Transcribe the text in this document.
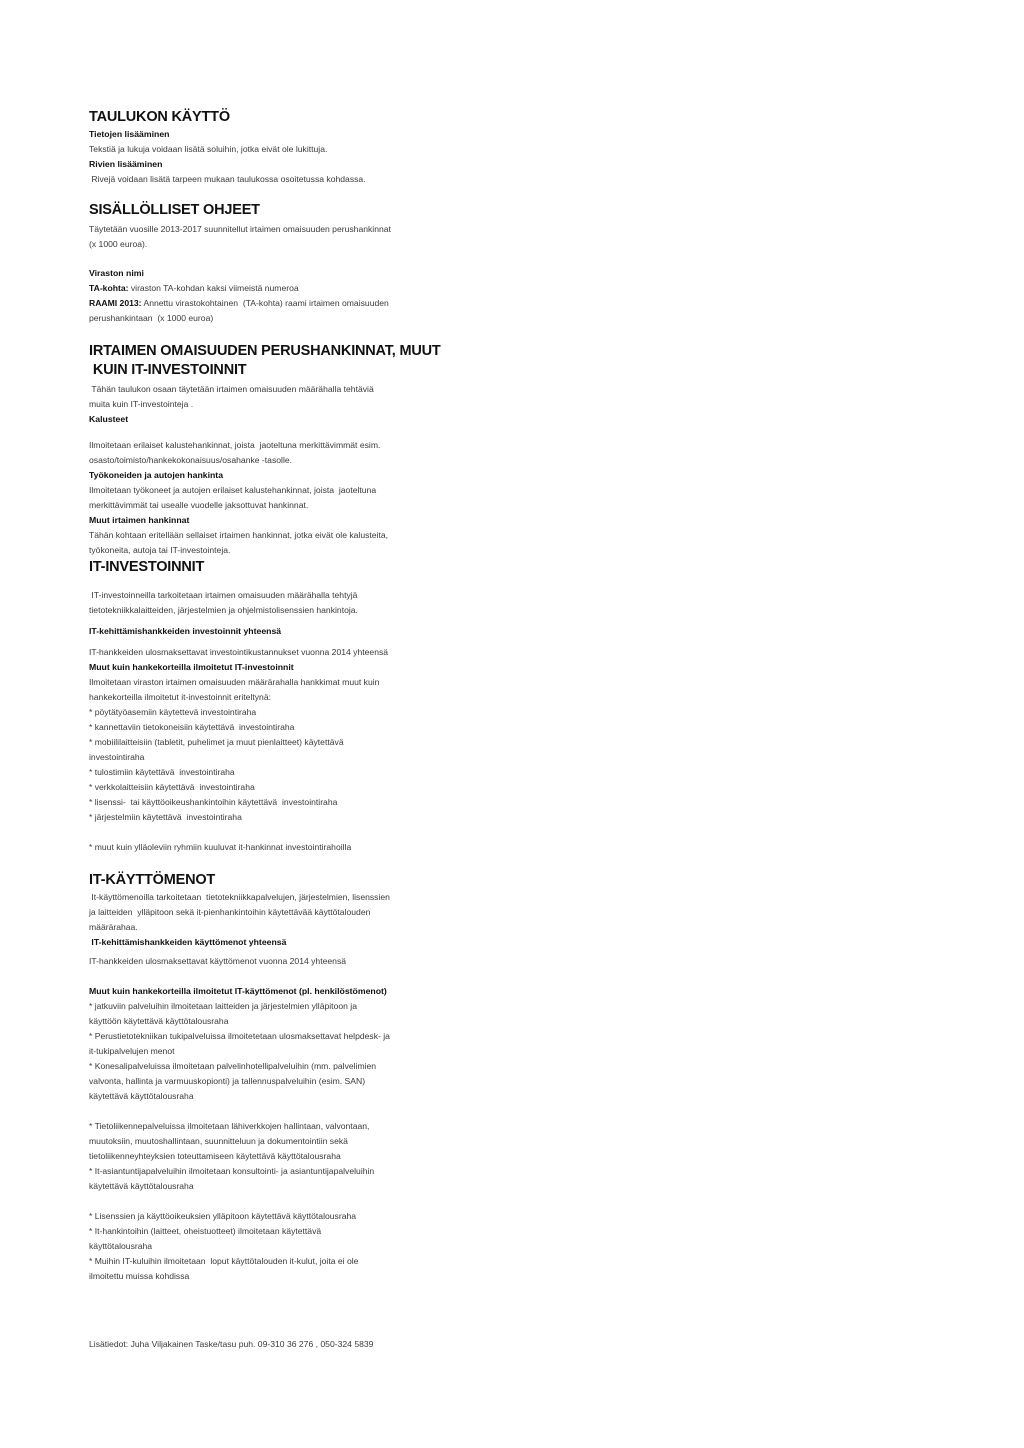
TAULUKON KÄYTTÖ
Tietojen lisääminen
Tekstiä ja lukuja voidaan lisätä soluihin, jotka eivät ole lukittuja.
Rivien lisääminen
Rivejä voidaan lisätä tarpeen mukaan taulukossa osoitetussa kohdassa.
SISÄLLÖLLISET OHJEET
Täytetään vuosille 2013-2017 suunnitellut irtaimen omaisuuden perushankinnat
(x 1000 euroa).
Viraston nimi
TA-kohta: viraston TA-kohdan kaksi viimeistä numeroa
RAAMI 2013: Annettu virastokohtainen  (TA-kohta) raami irtaimen omaisuuden
perushankintaan  (x 1000 euroa)
IRTAIMEN OMAISUUDEN PERUSHANKINNAT, MUUT
KUIN IT-INVESTOINNIT
Tähän taulukon osaan täytetään irtaimen omaisuuden määrähalla tehtäviä
muita kuin IT-investointeja .
Kalusteet
Ilmoitetaan erilaiset kalustehankinnat, joista  jaoteltuna merkittävimmät esim.
osasto/toimisto/hankekokonaisuus/osahanke -tasolle.
Työkoneiden ja autojen hankinta
Ilmoitetaan työkoneet ja autojen erilaiset kalustehankinnat, joista  jaoteltuna
merkittävimmät tai usealle vuodelle jaksottuvat hankinnat.
Muut irtaimen hankinnat
Tähän kohtaan eritellään sellaiset irtaimen hankinnat, jotka eivät ole kalusteita,
työkoneita, autoja tai IT-investointeja.
IT-INVESTOINNIT
IT-investoinneilla tarkoitetaan irtaimen omaisuuden määrähalla tehtyjä
tietotekniikkalaitteiden, järjestelmien ja ohjelmistolisenssien hankintoja.
IT-kehittämishankkeiden investoinnit yhteensä
IT-hankkeiden ulosmaksettavat investointikustannukset vuonna 2014 yhteensä
Muut kuin hankekorteilla ilmoitetut IT-investoinnit
Ilmoitetaan viraston irtaimen omaisuuden määrärahalla hankkimat muut kuin
hankekorteilla ilmoitetut it-investoinnit eriteltynä:
* pöytätyöasemiin käytettevä investointiraha
* kannettaviin tietokoneisiin käytettävä  investointiraha
* mobiililaitteisiin (tabletit, puhelimet ja muut pienlaitteet) käytettävä
investointiraha
* tulostimiin käytettävä  investointiraha
* verkkolaitteisiin käytettävä  investointiraha
* lisenssi-  tai käyttöoikeushankintoihin käytettävä  investointiraha
* järjestelmiin käytettävä  investointiraha
* muut kuin ylläoleviin ryhmiin kuuluvat it-hankinnat investointirahoilla
IT-KÄYTTÖMENOT
It-käyttömenoilla tarkoitetaan  tietotekniikkapalvelujen, järjestelmien, lisenssien
ja laitteiden  ylläpitoon sekä it-pienhankintoihin käytettävää käyttötalouden
määrärahaa.
IT-kehittämishankkeiden käyttömenot yhteensä
IT-hankkeiden ulosmaksettavat käyttömenot vuonna 2014 yhteensä
Muut kuin hankekorteilla ilmoitetut IT-käyttömenot (pl. henkilöstömenot)
* jatkuviin palveluihin ilmoitetaan laitteiden ja järjestelmien ylläpitoon ja
käyttöön käytettävä käyttötalousraha
* Perustietotekniikan tukipalveluissa ilmoitetetaan ulosmaksettavat helpdesk- ja
it-tukipalvelujen menot
* Konesalipalveluissa ilmoitetaan palvelinhotellipalveluihin (mm. palvelimien
valvonta, hallinta ja varmuuskopionti) ja tallennuspalveluihin (esim. SAN)
käytettävä käyttötalousraha
* Tietoliikennepalveluissa ilmoitetaan lähiverkkojen hallintaan, valvontaan,
muutoksiin, muutoshallintaan, suunnitteluun ja dokumentointiin sekä
tietoliikenneyhteyksien toteuttamiseen käytettävä käyttötalousraha
* It-asiantuntijapalveluihin ilmoitetaan konsultointi- ja asiantuntijapalveluihin
käytettävä käyttötalousraha
* Lisenssien ja käyttöoikeuksien ylläpitoon käytettävä käyttötalousraha
* It-hankintoihin (laitteet, oheistuotteet) ilmoitetaan käytettävä
käyttötalousraha
* Muihin IT-kuluihin ilmoitetaan  loput käyttötalouden it-kulut, joita ei ole
ilmoitettu muissa kohdissa
Lisätiedot: Juha Viljakainen Taske/tasu puh. 09-310 36 276 , 050-324 5839
